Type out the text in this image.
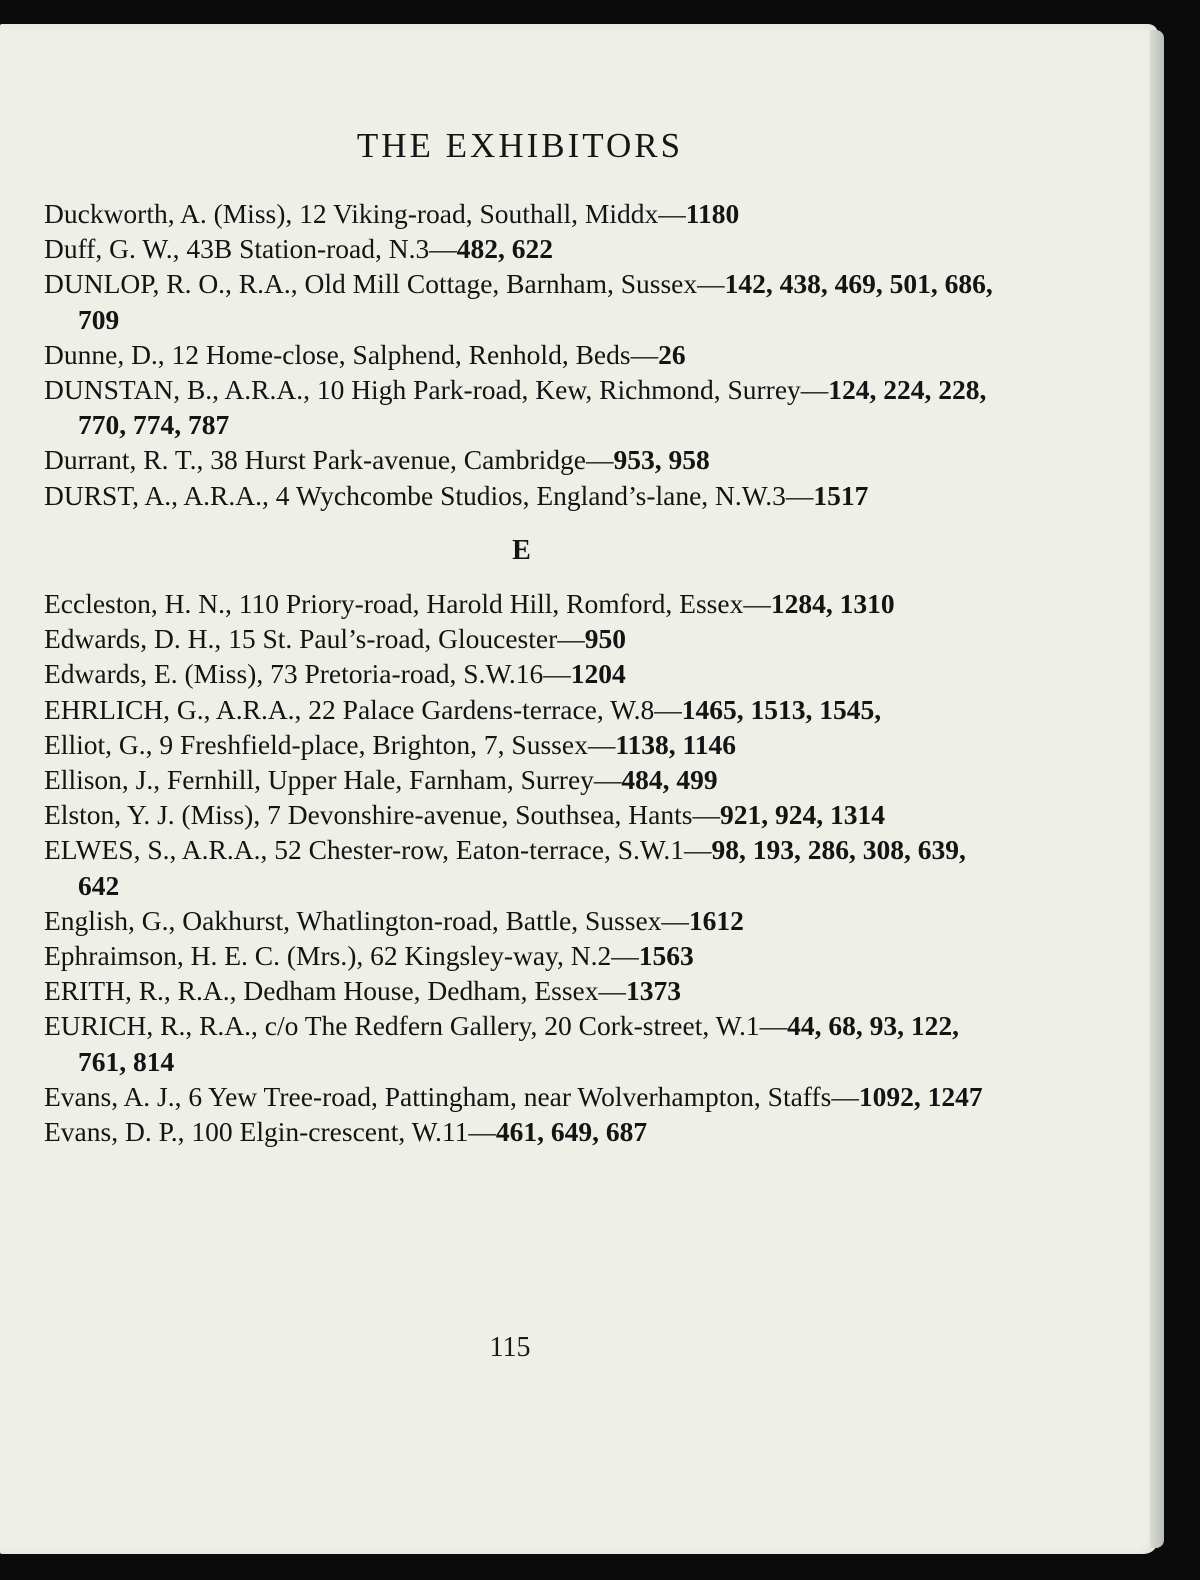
THE EXHIBITORS
Duckworth, A. (Miss), 12 Viking-road, Southall, Middx—1180
Duff, G. W., 43B Station-road, N.3—482, 622
DUNLOP, R. O., R.A., Old Mill Cottage, Barnham, Sussex—142, 438, 469, 501, 686, 709
Dunne, D., 12 Home-close, Salphend, Renhold, Beds—26
DUNSTAN, B., A.R.A., 10 High Park-road, Kew, Richmond, Surrey—124, 224, 228, 770, 774, 787
Durrant, R. T., 38 Hurst Park-avenue, Cambridge—953, 958
DURST, A., A.R.A., 4 Wychcombe Studios, England’s-lane, N.W.3—1517
E
Eccleston, H. N., 110 Priory-road, Harold Hill, Romford, Essex—1284, 1310
Edwards, D. H., 15 St. Paul’s-road, Gloucester—950
Edwards, E. (Miss), 73 Pretoria-road, S.W.16—1204
EHRLICH, G., A.R.A., 22 Palace Gardens-terrace, W.8—1465, 1513, 1545,
Elliot, G., 9 Freshfield-place, Brighton, 7, Sussex—1138, 1146
Ellison, J., Fernhill, Upper Hale, Farnham, Surrey—484, 499
Elston, Y. J. (Miss), 7 Devonshire-avenue, Southsea, Hants—921, 924, 1314
ELWES, S., A.R.A., 52 Chester-row, Eaton-terrace, S.W.1—98, 193, 286, 308, 639, 642
English, G., Oakhurst, Whatlington-road, Battle, Sussex—1612
Ephraimson, H. E. C. (Mrs.), 62 Kingsley-way, N.2—1563
ERITH, R., R.A., Dedham House, Dedham, Essex—1373
EURICH, R., R.A., c/o The Redfern Gallery, 20 Cork-street, W.1—44, 68, 93, 122, 761, 814
Evans, A. J., 6 Yew Tree-road, Pattingham, near Wolverhampton, Staffs—1092, 1247
Evans, D. P., 100 Elgin-crescent, W.11—461, 649, 687
115
